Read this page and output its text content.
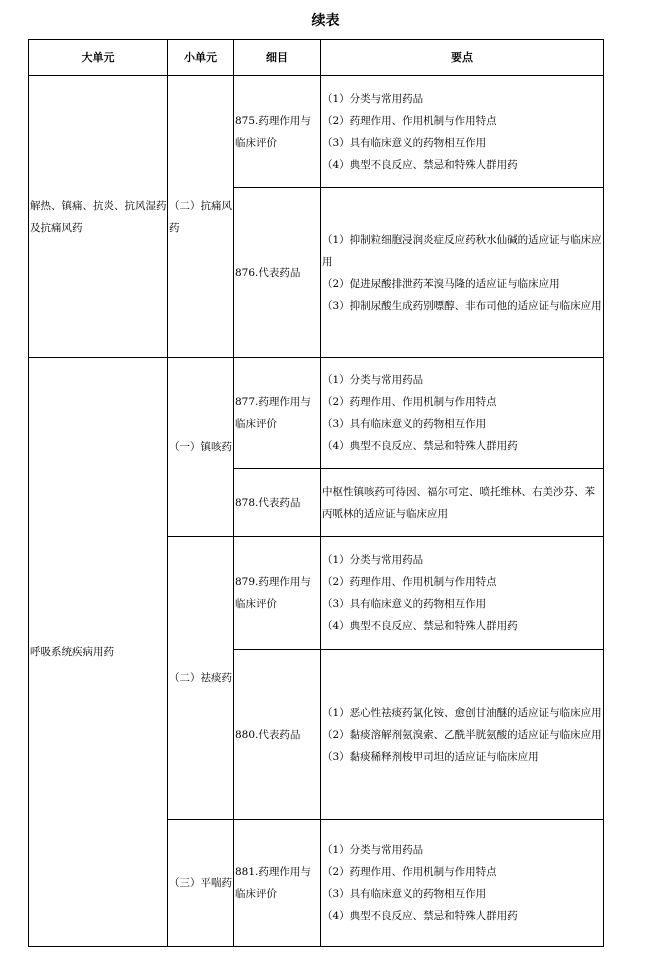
续表
大单元	小单元	细目	要点

解热、镇痛、抗炎、抗风湿药及抗痛风药	（二）抗痛风药	875.药理作用与临床评价	（1）分类与常用药品
（2）药理作用、作用机制与作用特点
（3）具有临床意义的药物相互作用
（4）典型不良反应、禁忌和特殊人群用药

		876.代表药品	（1）抑制粒细胞浸润炎症反应药秋水仙碱的适应证与临床应用
（2）促进尿酸排泄药苯溴马隆的适应证与临床应用
（3）抑制尿酸生成药别嘌醇、非布司他的适应证与临床应用

呼吸系统疾病用药	（一）镇咳药	877.药理作用与临床评价	（1）分类与常用药品
（2）药理作用、作用机制与作用特点
（3）具有临床意义的药物相互作用
（4）典型不良反应、禁忌和特殊人群用药

		878.代表药品	中枢性镇咳药可待因、福尔可定、喷托维林、右美沙芬、苯丙哌林的适应证与临床应用

	（二）祛痰药	879.药理作用与临床评价	（1）分类与常用药品
（2）药理作用、作用机制与作用特点
（3）具有临床意义的药物相互作用
（4）典型不良反应、禁忌和特殊人群用药

		880.代表药品	（1）恶心性祛痰药氯化铵、愈创甘油醚的适应证与临床应用
（2）黏痰溶解剂氨溴索、乙酰半胱氨酸的适应证与临床应用
（3）黏痰稀释剂梭甲司坦的适应证与临床应用

	（三）平喘药	881.药理作用与临床评价	（1）分类与常用药品
（2）药理作用、作用机制与作用特点
（3）具有临床意义的药物相互作用
（4）典型不良反应、禁忌和特殊人群用药
